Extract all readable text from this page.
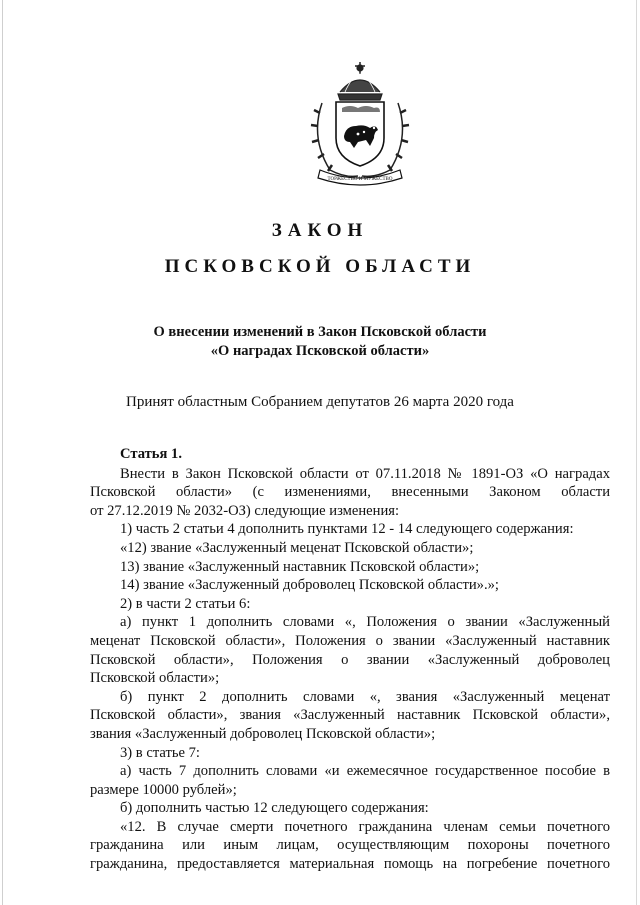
ТОРЖЕСТВО И МУЖЕСТВО
ЗАКОН
ПСКОВСКОЙ ОБЛАСТИ
О внесении изменений в Закон Псковской области
«О наградах Псковской области»
Принят областным Собранием депутатов 26 марта 2020 года

Статья 1.

Внести в Закон Псковской области от 07.11.2018 № 1891-ОЗ «О наградах

Псковской области» (с изменениями, внесенными Законом области

от 27.12.2019 № 2032-ОЗ) следующие изменения:

1) часть 2 статьи 4 дополнить пунктами 12 - 14 следующего содержания:

«12) звание «Заслуженный меценат Псковской области»;

13) звание «Заслуженный наставник Псковской области»;

14) звание «Заслуженный доброволец Псковской области».»;

2) в части 2 статьи 6:

а) пункт 1 дополнить словами «, Положения о звании «Заслуженный

меценат Псковской области», Положения о звании «Заслуженный наставник

Псковской области», Положения о звании «Заслуженный доброволец

Псковской области»;

б) пункт 2 дополнить словами «, звания «Заслуженный меценат

Псковской области», звания «Заслуженный наставник Псковской области»,

звания «Заслуженный доброволец Псковской области»;

3) в статье 7:

а) часть 7 дополнить словами «и ежемесячное государственное пособие в

размере 10000 рублей»;

б) дополнить частью 12 следующего содержания:

«12. В случае смерти почетного гражданина членам семьи почетного

гражданина или иным лицам, осуществляющим похороны почетного

гражданина, предоставляется материальная помощь на погребение почетного
